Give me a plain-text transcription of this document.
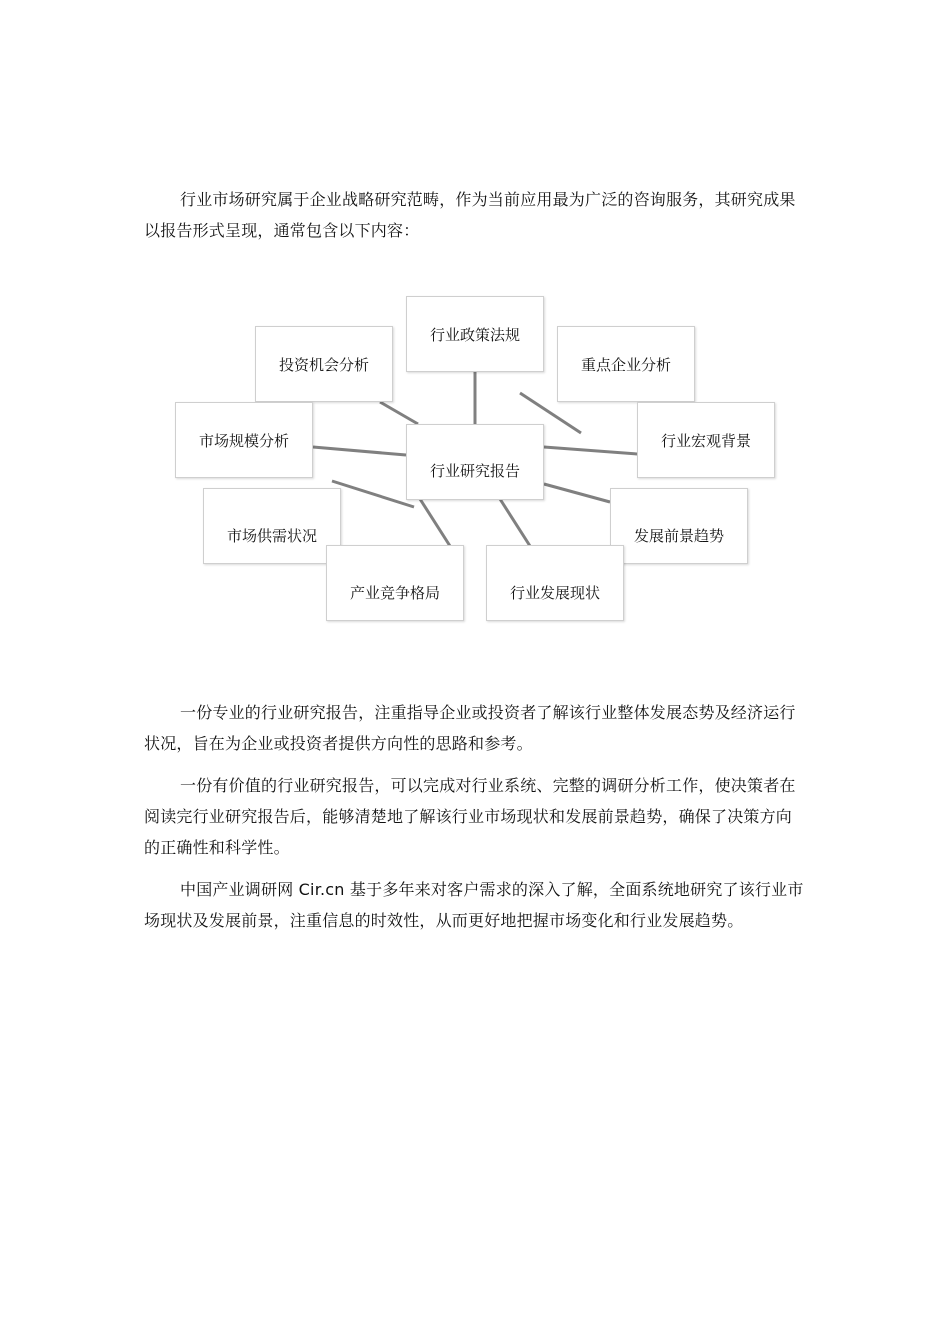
行业市场研究属于企业战略研究范畴，作为当前应用最为广泛的咨询服务，其研究成果以报告形式呈现，通常包含以下内容：

行业政策法规
投资机会分析	重点企业分析
市场规模分析	行业宏观背景
行业研究报告
市场供需状况	发展前景趋势
产业竞争格局	行业发展现状

一份专业的行业研究报告，注重指导企业或投资者了解该行业整体发展态势及经济运行状况，旨在为企业或投资者提供方向性的思路和参考。

一份有价值的行业研究报告，可以完成对行业系统、完整的调研分析工作，使决策者在阅读完行业研究报告后，能够清楚地了解该行业市场现状和发展前景趋势，确保了决策方向的正确性和科学性。

中国产业调研网 Cir.cn 基于多年来对客户需求的深入了解，全面系统地研究了该行业市场现状及发展前景，注重信息的时效性，从而更好地把握市场变化和行业发展趋势。
